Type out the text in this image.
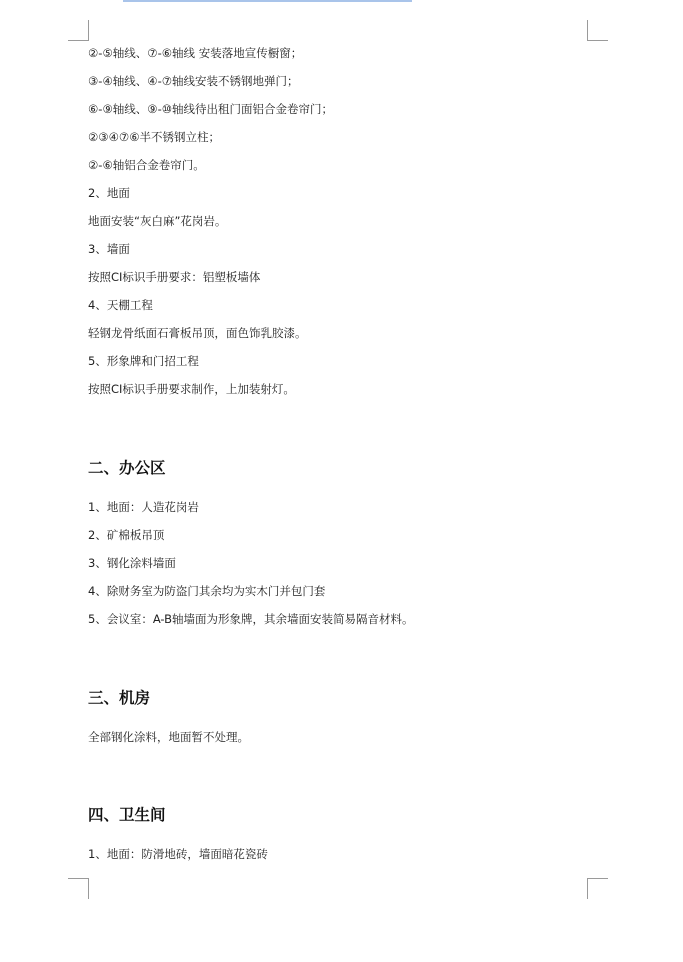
②-⑤轴线、⑦-⑥轴线 安装落地宣传橱窗；
③-④轴线、④-⑦轴线安装不锈钢地弹门；
⑥-⑨轴线、⑨-⑩轴线待出租门面铝合金卷帘门；
②③④⑦⑥半不锈钢立柱；
②-⑥轴铝合金卷帘门。
2、地面
地面安装“灰白麻”花岗岩。
3、墙面
按照CI标识手册要求：铝塑板墙体
4、天棚工程
轻钢龙骨纸面石膏板吊顶，面色饰乳胶漆。
5、形象牌和门招工程
按照CI标识手册要求制作，上加装射灯。
二、办公区
1、地面：人造花岗岩
2、矿棉板吊顶
3、钢化涂料墙面
4、除财务室为防盗门其余均为实木门并包门套
5、会议室：A-B轴墙面为形象牌，其余墙面安装简易隔音材料。
三、机房
全部钢化涂料，地面暂不处理。
四、卫生间
1、地面：防滑地砖，墙面暗花瓷砖
